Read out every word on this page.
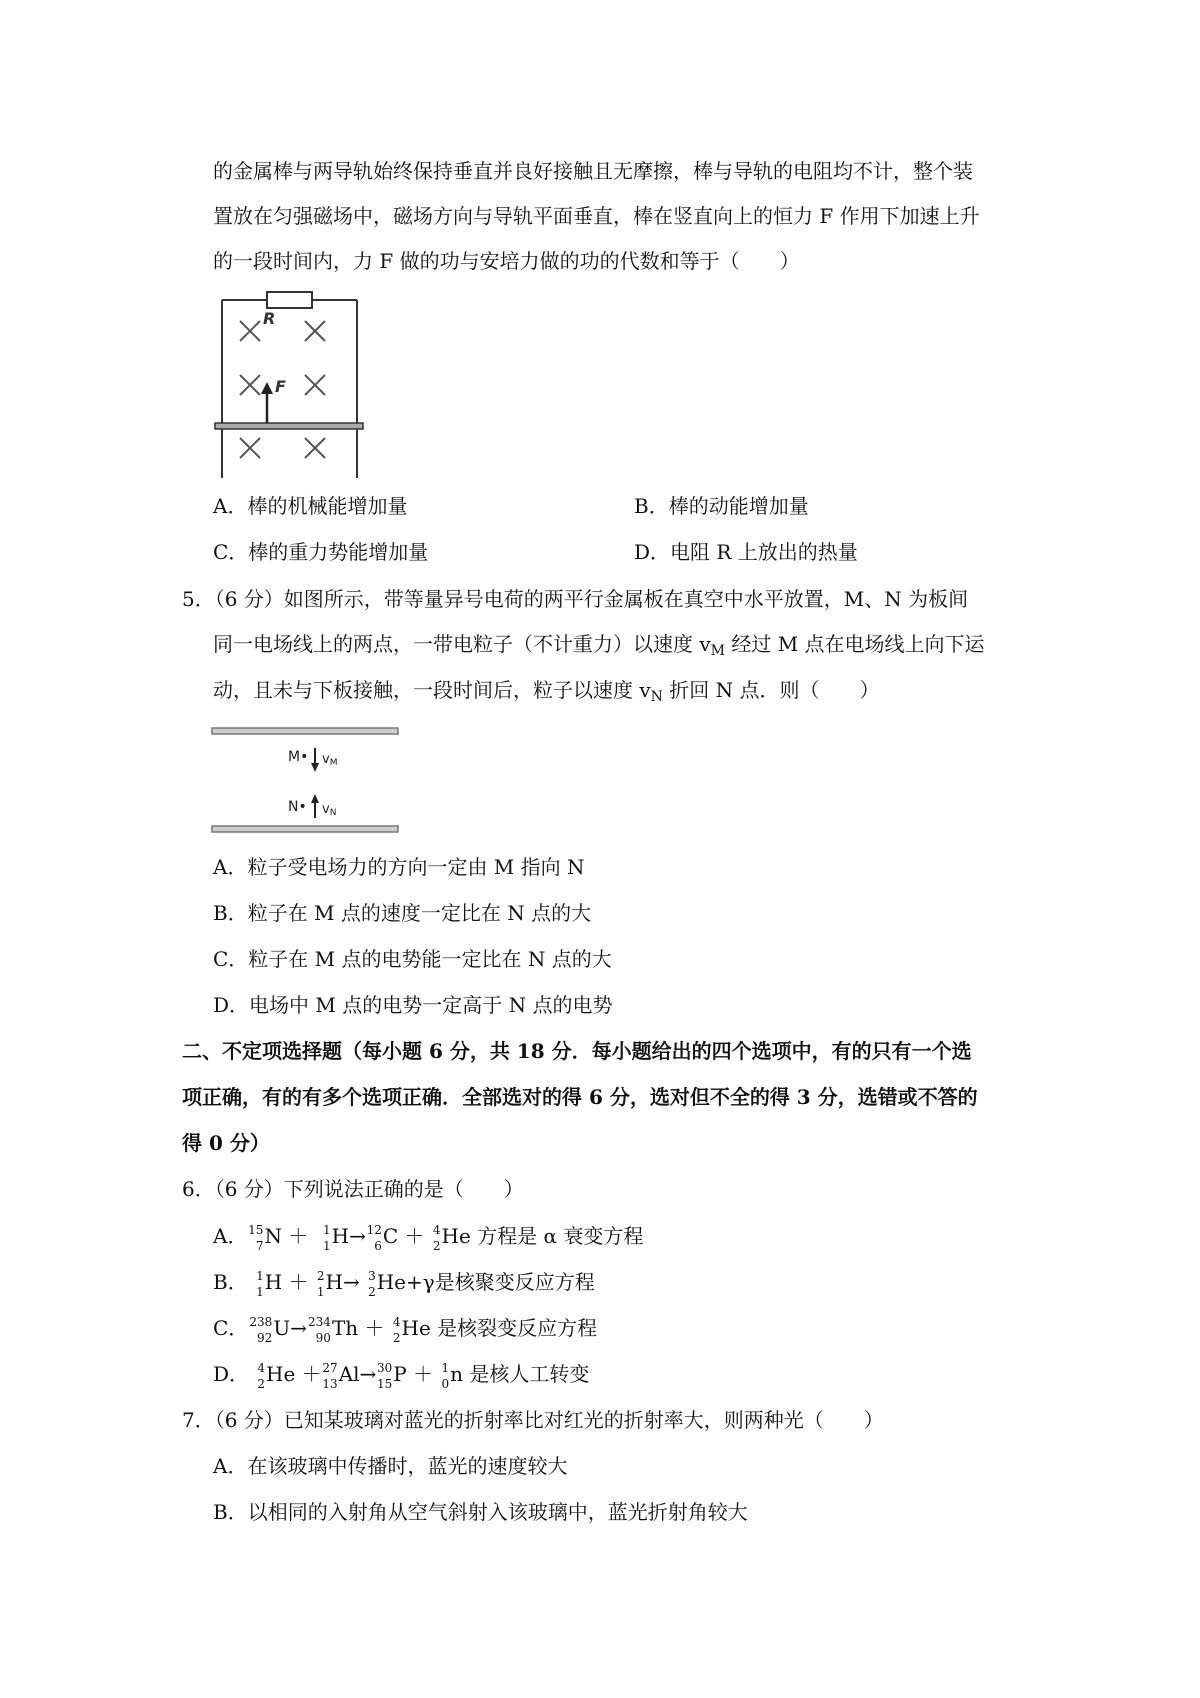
的金属棒与两导轨始终保持垂直并良好接触且无摩擦，棒与导轨的电阻均不计，整个装
置放在匀强磁场中，磁场方向与导轨平面垂直，棒在竖直向上的恒力 F 作用下加速上升
的一段时间内，力 F 做的功与安培力做的功的代数和等于（　　）
R
F
A．棒的机械能增加量	B．棒的动能增加量
C．棒的重力势能增加量	D．电阻 R 上放出的热量
5．（6 分）如图所示，带等量异号电荷的两平行金属板在真空中水平放置，M、N 为板间
同一电场线上的两点，一带电粒子（不计重力）以速度 $v_M$ 经过 M 点在电场线上向下运
动，且未与下板接触，一段时间后，粒子以速度 $v_N$ 折回 N 点．则（　　）
M• vM
N• vN
A．粒子受电场力的方向一定由 M 指向 N
B．粒子在 M 点的速度一定比在 N 点的大
C．粒子在 M 点的电势能一定比在 N 点的大
D．电场中 M 点的电势一定高于 N 点的电势
二、不定项选择题（每小题 6 分，共 18 分．每小题给出的四个选项中，有的只有一个选
项正确，有的有多个选项正确．全部选对的得 6 分，选对但不全的得 3 分，选错或不答的
得 0 分）
6．（6 分）下列说法正确的是（　　）
A． 15
7 N ＋ 1
1 H→ 12
6 C ＋ 4
2 He 方程是 α 衰变方程
B． 1
1 H ＋ 2
1 H→ 3
2 He+γ是核聚变反应方程
C． 238
92 U→ 234
90 Th ＋ 4
2 He 是核裂变反应方程
D． 4
2 He ＋ 27
13 Al→ 30
15 P ＋ 1
0 n 是核人工转变
7．（6 分）已知某玻璃对蓝光的折射率比对红光的折射率大，则两种光（　　）
A．在该玻璃中传播时，蓝光的速度较大
B．以相同的入射角从空气斜射入该玻璃中，蓝光折射角较大
